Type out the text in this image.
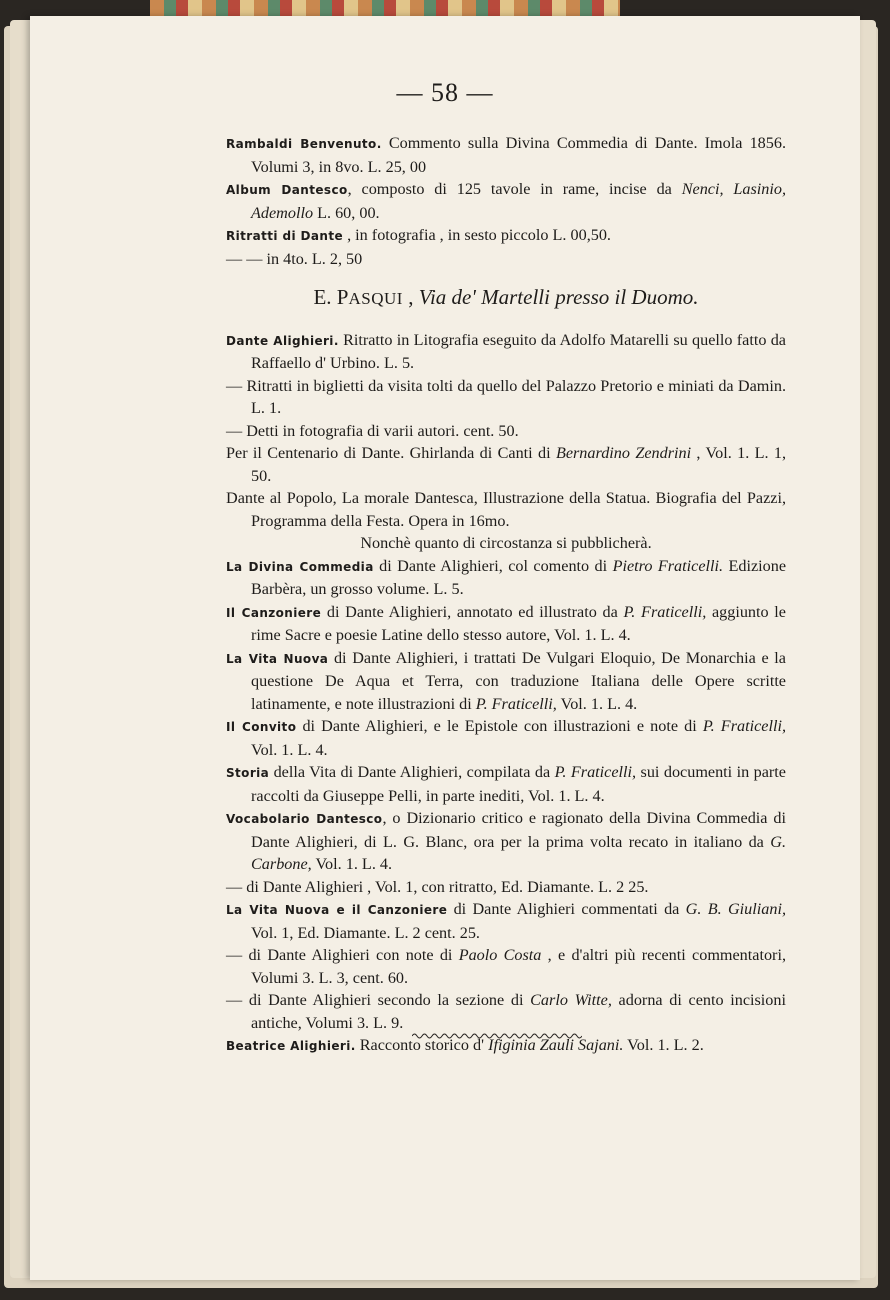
— 58 —

Rambaldi Benvenuto. Commento sulla Divina Commedia di Dante. Imola 1856. Volumi 3, in 8vo. L. 25, 00

Album Dantesco, composto di 125 tavole in rame, incise da Nenci, Lasinio, Ademollo L. 60, 00.

Ritratti di Dante , in fotografia , in sesto piccolo L. 00,50.

— — in 4to. L. 2, 50

E. PASQUI , Via de' Martelli presso il Duomo.

Dante Alighieri. Ritratto in Litografia eseguito da Adolfo Matarelli su quello fatto da Raffaello d' Urbino. L. 5.

— Ritratti in biglietti da visita tolti da quello del Palazzo Pretorio e miniati da Damin. L. 1.

— Detti in fotografia di varii autori. cent. 50.

Per il Centenario di Dante. Ghirlanda di Canti di Bernardino Zendrini , Vol. 1. L. 1, 50.

Dante al Popolo, La morale Dantesca, Illustrazione della Statua. Biografia del Pazzi, Programma della Festa. Opera in 16mo.

Nonchè quanto di circostanza si pubblicherà.

La Divina Commedia di Dante Alighieri, col comento di Pietro Fraticelli. Edizione Barbèra, un grosso volume. L. 5.

Il Canzoniere di Dante Alighieri, annotato ed illustrato da P. Fraticelli, aggiunto le rime Sacre e poesie Latine dello stesso autore, Vol. 1. L. 4.

La Vita Nuova di Dante Alighieri, i trattati De Vulgari Eloquio, De Monarchia e la questione De Aqua et Terra, con traduzione Italiana delle Opere scritte latinamente, e note illustrazioni di P. Fraticelli, Vol. 1. L. 4.

Il Convito di Dante Alighieri, e le Epistole con illustrazioni e note di P. Fraticelli, Vol. 1. L. 4.

Storia della Vita di Dante Alighieri, compilata da P. Fraticelli, sui documenti in parte raccolti da Giuseppe Pelli, in parte inediti, Vol. 1. L. 4.

Vocabolario Dantesco, o Dizionario critico e ragionato della Divina Commedia di Dante Alighieri, di L. G. Blanc, ora per la prima volta recato in italiano da G. Carbone, Vol. 1. L. 4.

— di Dante Alighieri , Vol. 1, con ritratto, Ed. Diamante. L. 2 25.

La Vita Nuova e il Canzoniere di Dante Alighieri commentati da G. B. Giuliani, Vol. 1, Ed. Diamante. L. 2 cent. 25.

— di Dante Alighieri con note di Paolo Costa , e d'altri più recenti commentatori, Volumi 3. L. 3, cent. 60.

— di Dante Alighieri secondo la sezione di Carlo Witte, adorna di cento incisioni antiche, Volumi 3. L. 9.

Beatrice Alighieri. Racconto storico d' Ifiginia Zauli Sajani. Vol. 1. L. 2.
